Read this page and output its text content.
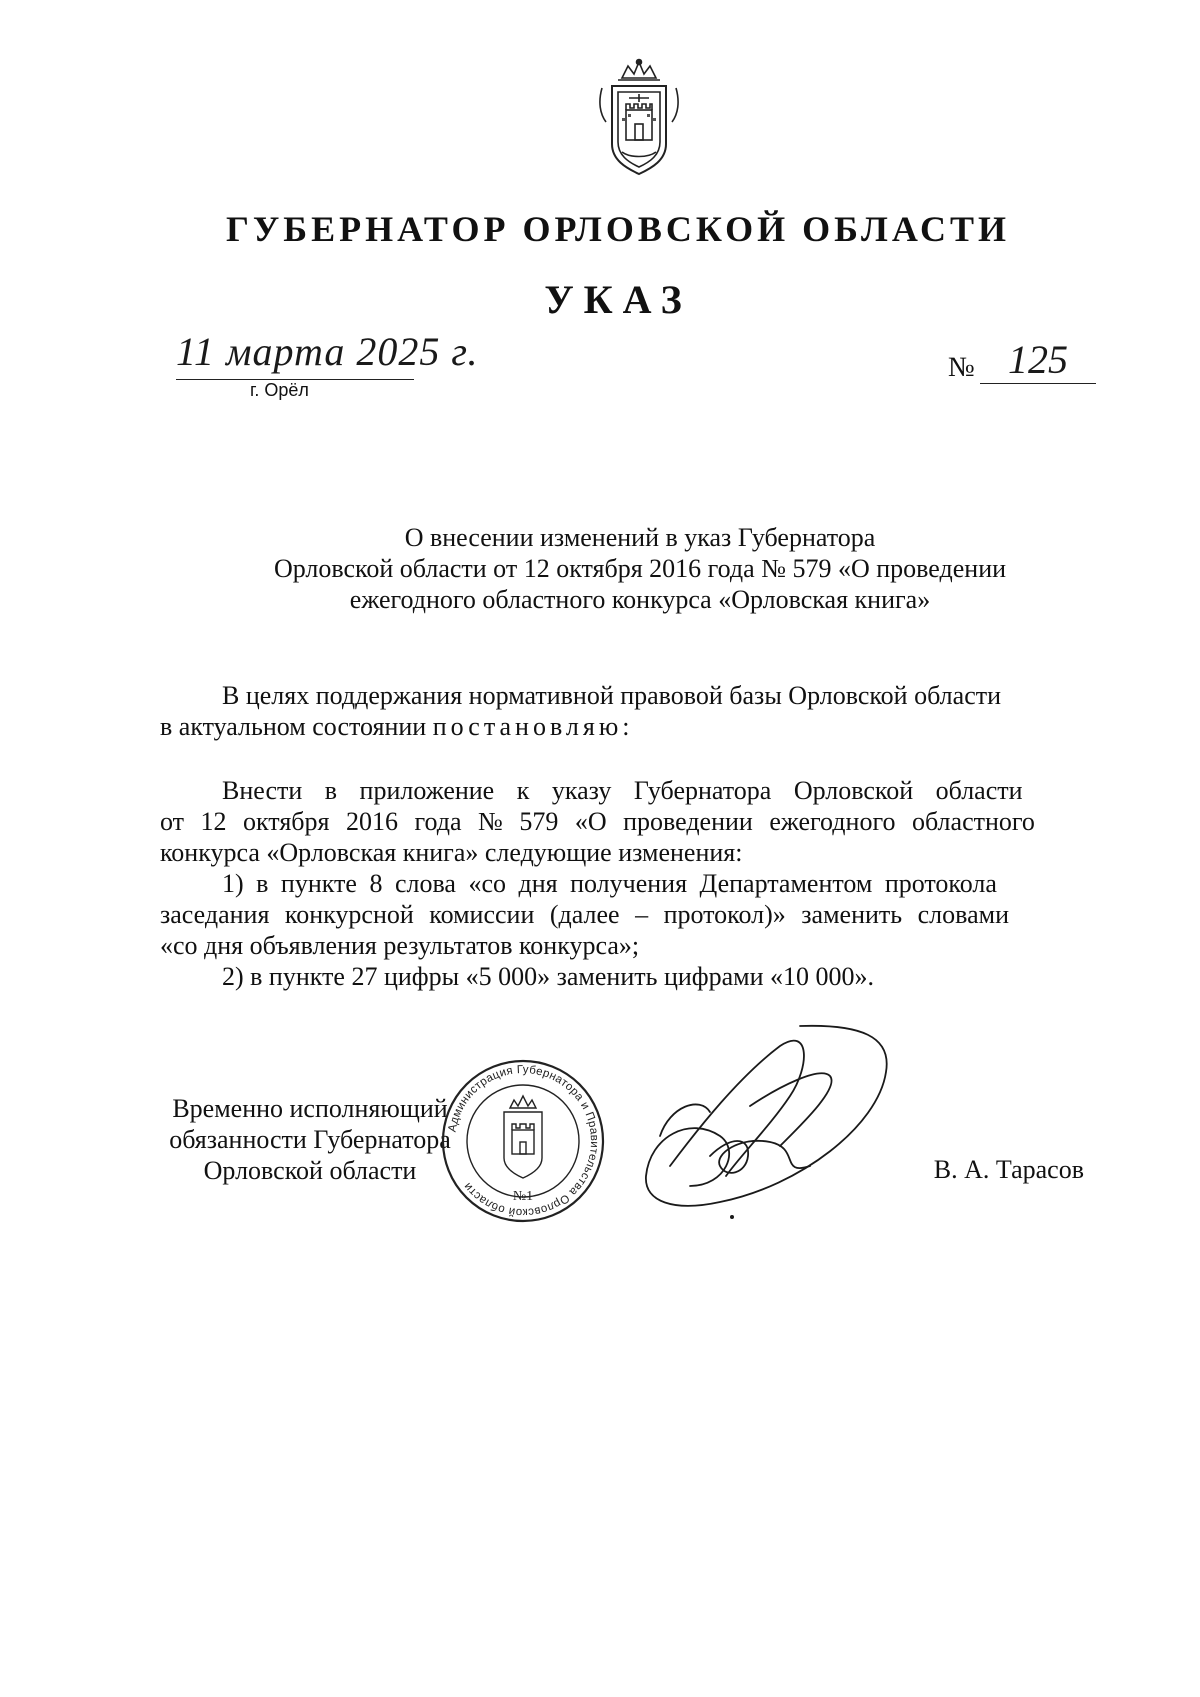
ГУБЕРНАТОР ОРЛОВСКОЙ ОБЛАСТИ
УКАЗ
11 марта 2025 г.
г. Орёл
№ 125
О внесении изменений в указ Губернатора
Орловской области от 12 октября 2016 года № 579 «О проведении
ежегодного областного конкурса «Орловская книга»
В целях поддержания нормативной правовой базы Орловской области
в актуальном состоянии
постановляю:
Внести в приложение к указу Губернатора Орловской области
от 12 октября 2016 года № 579 «О проведении ежегодного областного
конкурса «Орловская книга» следующие изменения:
1) в пункте 8 слова «со дня получения Департаментом протокола
заседания конкурсной комиссии (далее – протокол)» заменить словами
«со дня объявления результатов конкурса»;
2) в пункте 27 цифры «5 000» заменить цифрами «10 000».
Временно исполняющий
обязанности Губернатора
Орловской области	В. А. Тарасов
Администрация Губернатора и Правительства Орловской области
№1
